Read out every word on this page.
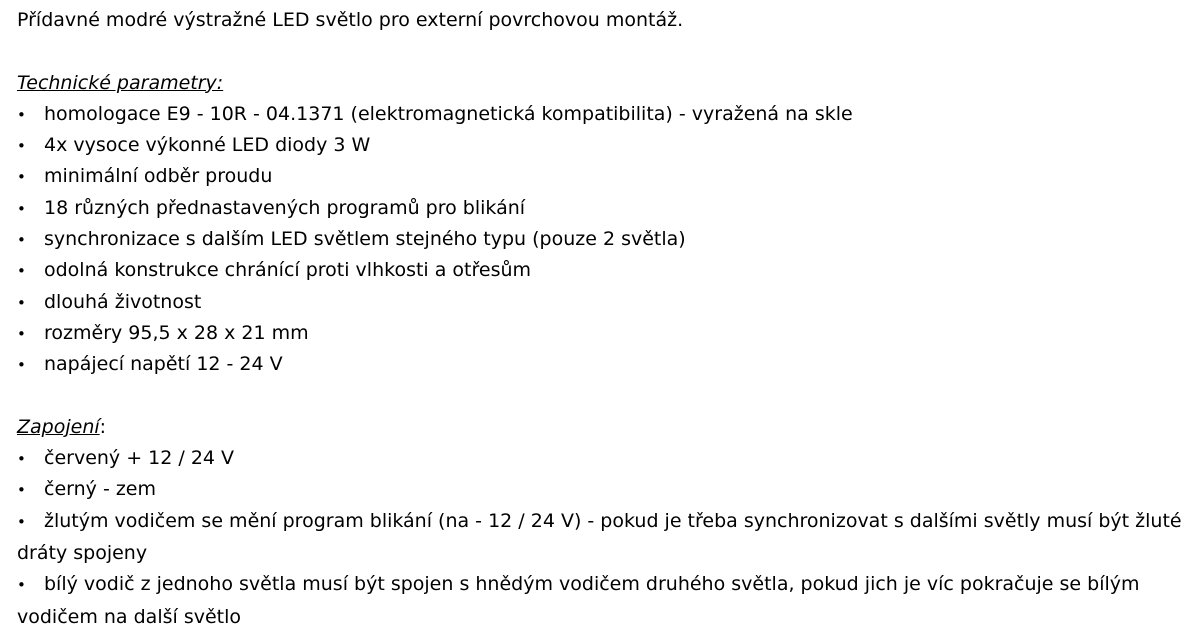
Přídavné modré výstražné LED světlo pro externí povrchovou montáž.
Technické parametry:
• homologace E9 - 10R - 04.1371 (elektromagnetická kompatibilita) - vyražená na skle
• 4x vysoce výkonné LED diody 3 W
• minimální odběr proudu
• 18 různých přednastavených programů pro blikání
• synchronizace s dalším LED světlem stejného typu (pouze 2 světla)
• odolná konstrukce chránící proti vlhkosti a otřesům
• dlouhá životnost
• rozměry 95,5 x 28 x 21 mm
• napájecí napětí 12 - 24 V
Zapojení:
• červený + 12 / 24 V
• černý - zem
• žlutým vodičem se mění program blikání (na - 12 / 24 V) - pokud je třeba synchronizovat s dalšími světly musí být žluté dráty spojeny
• bílý vodič z jednoho světla musí být spojen s hnědým vodičem druhého světla, pokud jich je víc pokračuje se bílým vodičem na další světlo
